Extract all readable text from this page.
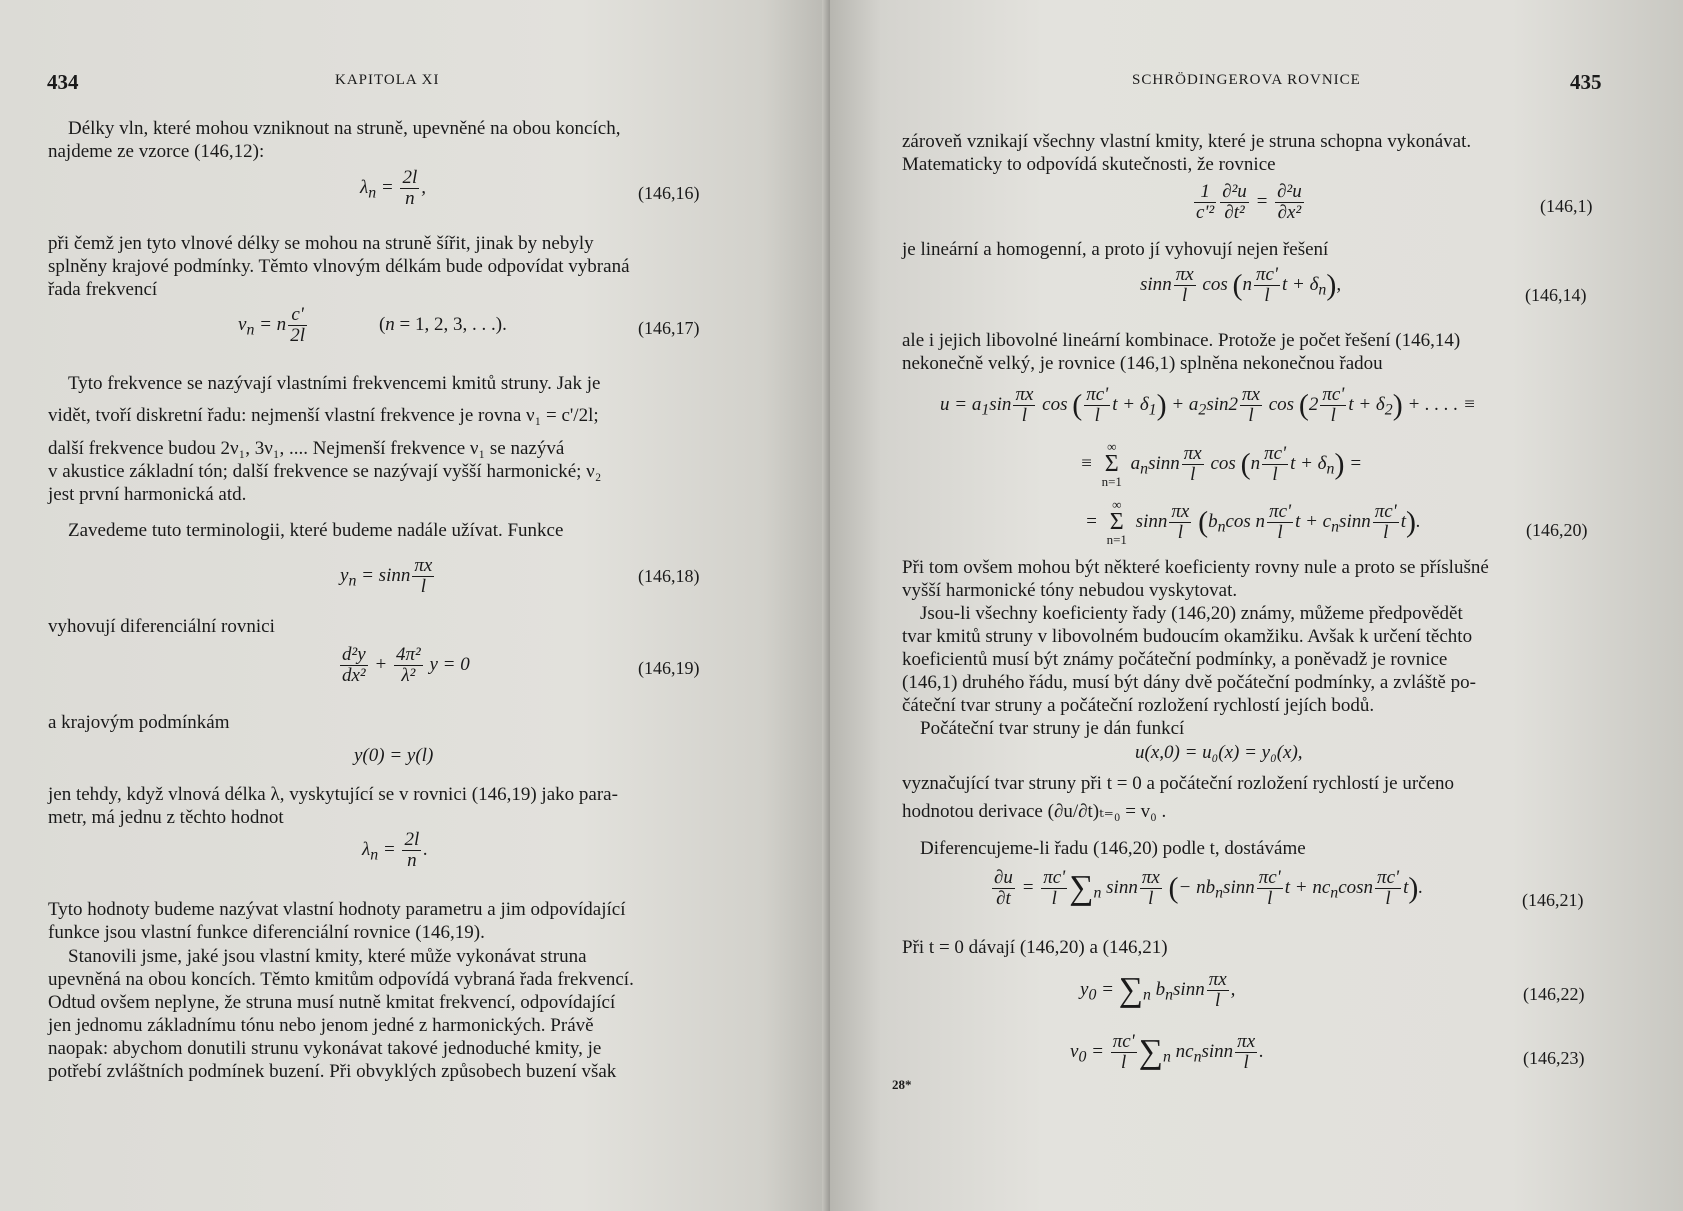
434	KAPITOLA XI
Délky vln, které mohou vzniknout na struně, upevněné na obou koncích,
najdeme ze vzorce (146,12):
$\lambda_n = \frac{2l}{n}$ ,	(146,16)
při čemž jen tyto vlnové délky se mohou na struně šířit, jinak by nebyly
splněny krajové podmínky. Těmto vlnovým délkám bude odpovídat vybraná
řada frekvencí
$\nu_n = n \frac{c'}{2l}$	(n = 1, 2, 3, . . .).	(146,17)
Tyto frekvence se nazývají vlastními frekvencemi kmitů struny. Jak je
vidět, tvoří diskretní řadu: nejmenší vlastní frekvence je rovna ν₁ = c'/2l;
další frekvence budou 2ν₁, 3ν₁, .... Nejmenší frekvence ν₁ se nazývá
v akustice základní tón; další frekvence se nazývají vyšší harmonické; ν₂
jest první harmonická atd.
Zavedeme tuto terminologii, které budeme nadále užívat. Funkce
$y_n = \sin n \frac{\pi x}{l}$	(146,18)
vyhovují diferenciální rovnici
$\frac{\text{d²y}}{\text{dx²}} + \frac{\text{4π²}}{\text{λ²}}$ y = 0	(146,19)
a krajovým podmínkám
y(0) = y(l)
jen tehdy, když vlnová délka λ, vyskytující se v rovnici (146,19) jako para-
metr, má jednu z těchto hodnot
$\lambda_n = \frac{2l}{n}$ .
Tyto hodnoty budeme nazývat vlastní hodnoty parametru a jim odpovídající
funkce jsou vlastní funkce diferenciální rovnice (146,19).
Stanovili jsme, jaké jsou vlastní kmity, které může vykonávat struna
upevněná na obou koncích. Těmto kmitům odpovídá vybraná řada frekvencí.
Odtud ovšem neplyne, že struna musí nutně kmitat frekvencí, odpovídající
jen jednomu základnímu tónu nebo jenom jedné z harmonických. Právě
naopak: abychom donutili strunu vykonávat takové jednoduché kmity, je
potřebí zvláštních podmínek buzení. Při obvyklých způsobech buzení však
SCHRÖDINGEROVA ROVNICE	435
zároveň vznikají všechny vlastní kmity, které je struna schopna vykonávat.
Matematicky to odpovídá skutečnosti, že rovnice
$\frac{1}{\text{c'²}} \frac{\text{∂²u}}{\text{∂t²}} = \frac{\text{∂²u}}{\text{∂x²}}$	(146,1)
je lineární a homogenní, a proto jí vyhovují nejen řešení
sinn $\frac{\pi x}{l}$ $\cos (n \frac{\pi c'}{l}$ $t + \delta_n$),
(146,14)
ale i jejich libovolné lineární kombinace. Protože je počet řešení (146,14)
nekonečně velký, je rovnice (146,1) splněna nekonečnou řadou
$u = a_1\sin \frac{\pi x}{l}$ cos ( $\frac{\pi c'}{l}$ $t + \delta_1) + a_2\sin 2 \frac{\pi x}{l}$ $\cos (2 \frac{\pi c'}{l}$ $t + \delta_2$) + . . . . ≡
≡
∞
Σ
n=1
$a_n\sin n \frac{\pi x}{l}$ $\cos (n \frac{\pi c'}{l}$ $t + \delta_n$) =
=
∞
Σ
n=1
sinn $\frac{\pi x}{l} (b_n\cos$ n $\frac{\pi c'}{l}$ $t + c_n\sin n \frac{\pi c'}{l} t$).	(146,20)
Při tom ovšem mohou být některé koeficienty rovny nule a proto se příslušné
vyšší harmonické tóny nebudou vyskytovat.
Jsou-li všechny koeficienty řady (146,20) známy, můžeme předpovědět
tvar kmitů struny v libovolném budoucím okamžiku. Avšak k určení těchto
koeficientů musí být známy počáteční podmínky, a poněvadž je rovnice
(146,1) druhého řádu, musí být dány dvě počáteční podmínky, a zvláště po-
čáteční tvar struny a počáteční rozložení rychlostí jejích bodů.
Počáteční tvar struny je dán funkcí
u(x,0) = u₀(x) = y₀(x),
vyznačující tvar struny při t = 0 a počáteční rozložení rychlostí je určeno
hodnotou derivace (∂u/∂t)ₜ₌₀ = v₀ .
Diferencujeme-li řadu (146,20) podle t, dostáváme
$\frac{\partial u}{\partial t} = \frac{\pi c'}{l} \sum_n$ sinn $\frac{\pi x}{l}$ (− $nb_n\sin n \frac{\pi c'}{l}$ $t + nc_n\cos n \frac{\pi c'}{l} t$).
(146,21)
Při t = 0 dávají (146,20) a (146,21)
$y_0 = \sum_n$ $b_n\sin n \frac{\pi x}{l}$ ,	(146,22)
$v_0 = \frac{\pi c'}{l} \sum_n$ $nc_n\sin n \frac{\pi x}{l}$ .	(146,23)
28*
